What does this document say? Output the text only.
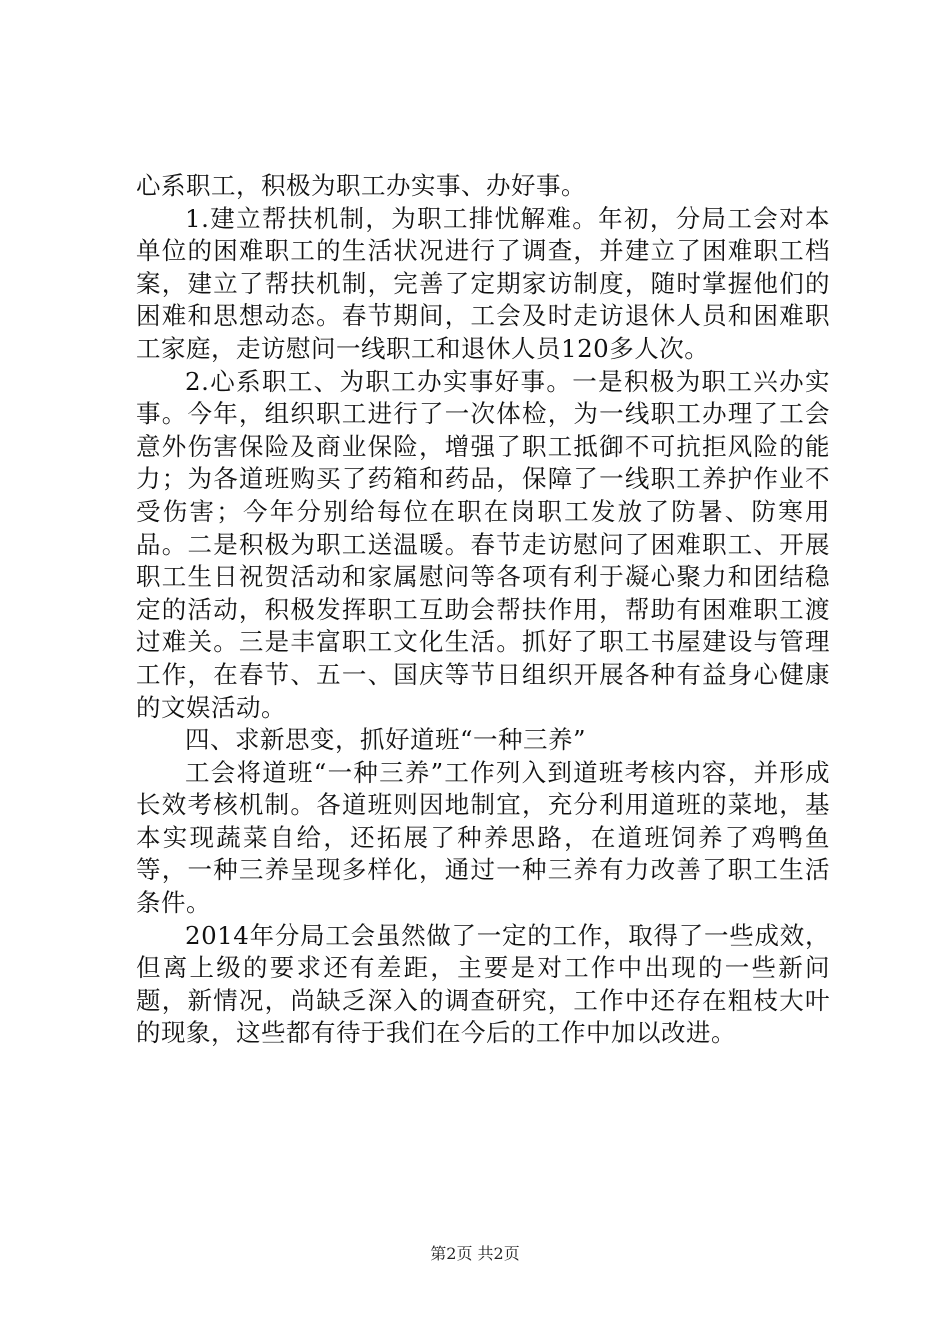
心系职工，积极为职工办实事、办好事。

1.建立帮扶机制，为职工排忧解难。年初，分局工会对本单位的困难职工的生活状况进行了调查，并建立了困难职工档案，建立了帮扶机制，完善了定期家访制度，随时掌握他们的困难和思想动态。春节期间，工会及时走访退休人员和困难职工家庭，走访慰问一线职工和退休人员120多人次。

2.心系职工、为职工办实事好事。一是积极为职工兴办实事。今年，组织职工进行了一次体检，为一线职工办理了工会意外伤害保险及商业保险，增强了职工抵御不可抗拒风险的能力；为各道班购买了药箱和药品，保障了一线职工养护作业不受伤害；今年分别给每位在职在岗职工发放了防暑、防寒用品。二是积极为职工送温暖。春节走访慰问了困难职工、开展职工生日祝贺活动和家属慰问等各项有利于凝心聚力和团结稳定的活动，积极发挥职工互助会帮扶作用，帮助有困难职工渡过难关。三是丰富职工文化生活。抓好了职工书屋建设与管理工作，在春节、五一、国庆等节日组织开展各种有益身心健康的文娱活动。

四、求新思变，抓好道班“一种三养”

工会将道班“一种三养”工作列入到道班考核内容，并形成长效考核机制。各道班则因地制宜，充分利用道班的菜地，基本实现蔬菜自给，还拓展了种养思路，在道班饲养了鸡鸭鱼等，一种三养呈现多样化，通过一种三养有力改善了职工生活条件。

2014年分局工会虽然做了一定的工作，取得了一些成效，但离上级的要求还有差距，主要是对工作中出现的一些新问题，新情况，尚缺乏深入的调查研究，工作中还存在粗枝大叶的现象，这些都有待于我们在今后的工作中加以改进。

第2页 共2页
